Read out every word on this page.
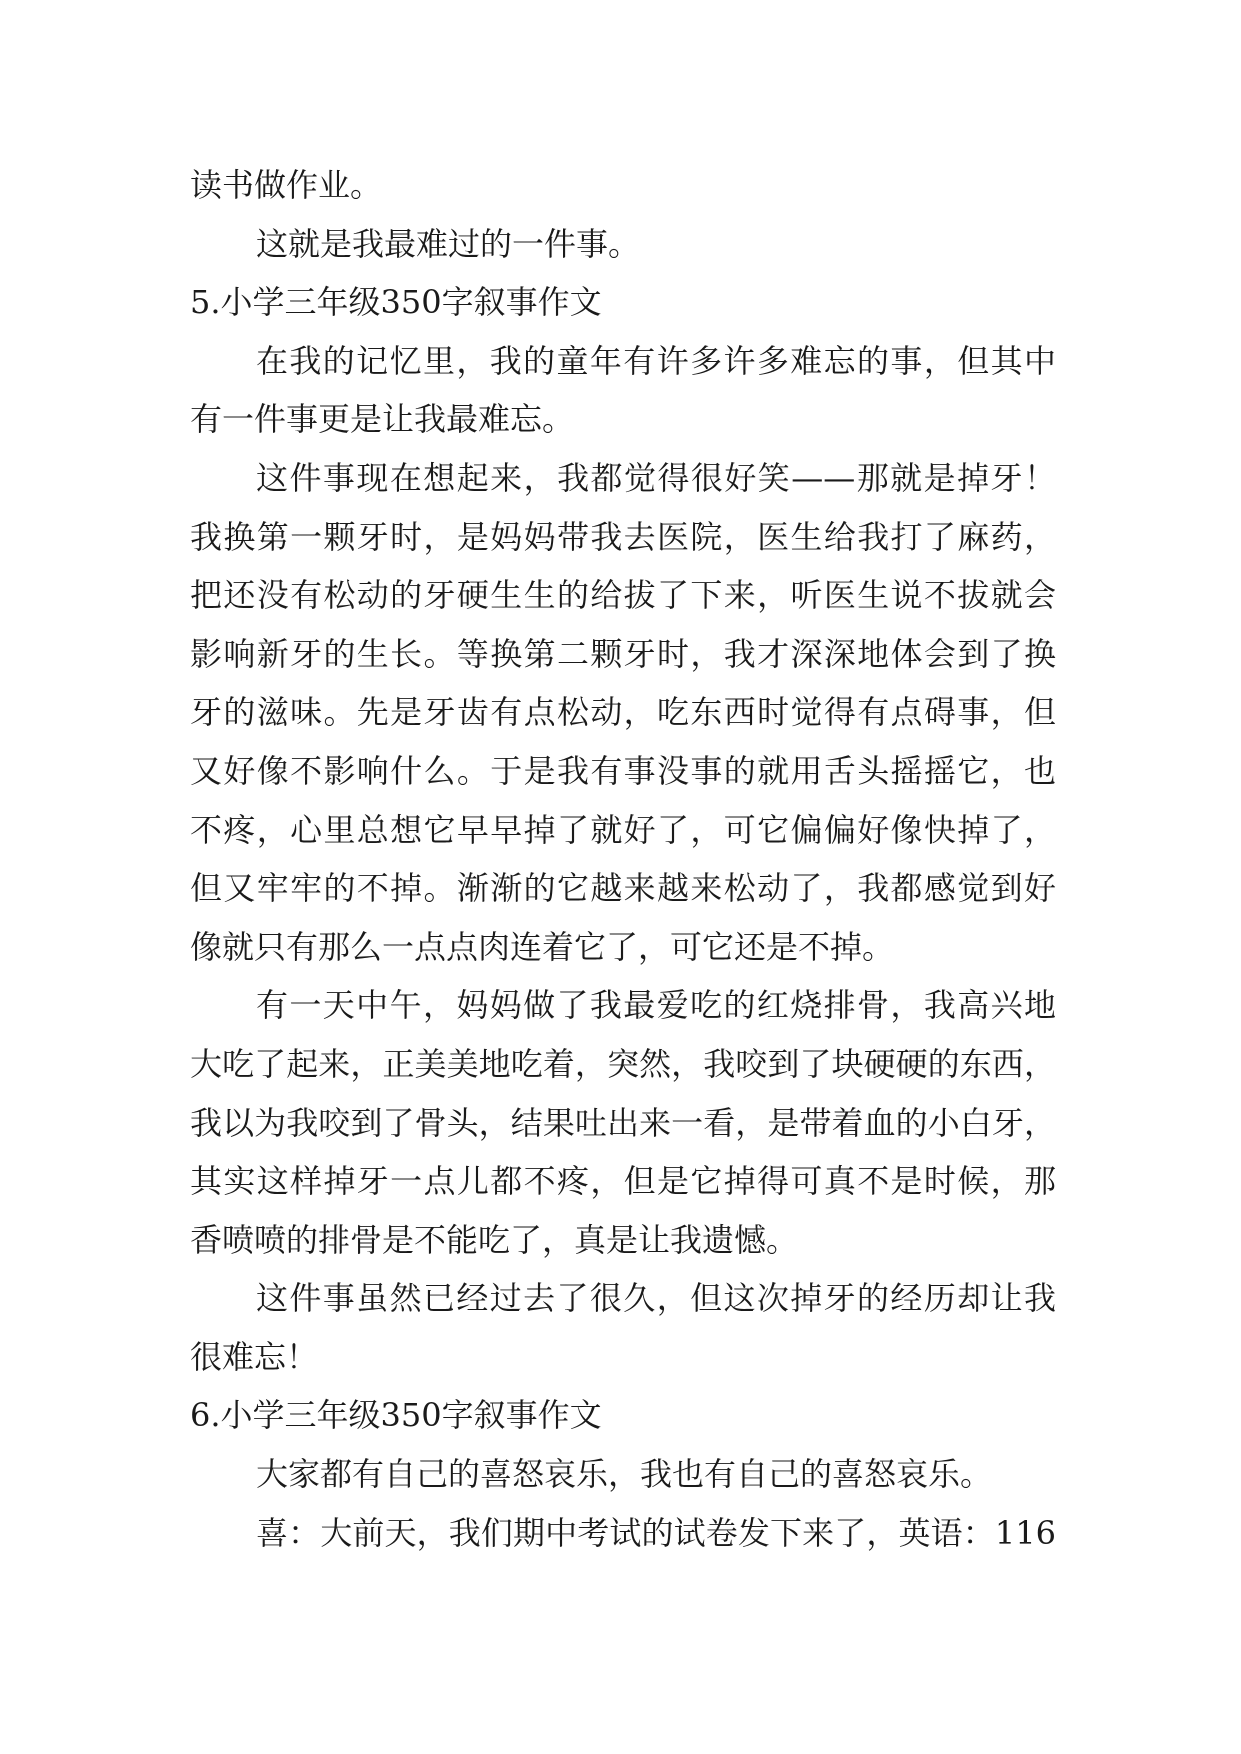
读书做作业。
这就是我最难过的一件事。
5.小学三年级350字叙事作文
在我的记忆里，我的童年有许多许多难忘的事，但其中
有一件事更是让我最难忘。
这件事现在想起来，我都觉得很好笑——那就是掉牙！
我换第一颗牙时，是妈妈带我去医院，医生给我打了麻药，
把还没有松动的牙硬生生的给拔了下来，听医生说不拔就会
影响新牙的生长。等换第二颗牙时，我才深深地体会到了换
牙的滋味。先是牙齿有点松动，吃东西时觉得有点碍事，但
又好像不影响什么。于是我有事没事的就用舌头摇摇它，也
不疼，心里总想它早早掉了就好了，可它偏偏好像快掉了，
但又牢牢的不掉。渐渐的它越来越来松动了，我都感觉到好
像就只有那么一点点肉连着它了，可它还是不掉。
有一天中午，妈妈做了我最爱吃的红烧排骨，我高兴地
大吃了起来，正美美地吃着，突然，我咬到了块硬硬的东西，
我以为我咬到了骨头，结果吐出来一看，是带着血的小白牙，
其实这样掉牙一点儿都不疼，但是它掉得可真不是时候，那
香喷喷的排骨是不能吃了，真是让我遗憾。
这件事虽然已经过去了很久，但这次掉牙的经历却让我
很难忘！
6.小学三年级350字叙事作文
大家都有自己的喜怒哀乐，我也有自己的喜怒哀乐。
喜：大前天，我们期中考试的试卷发下来了，英语：116
